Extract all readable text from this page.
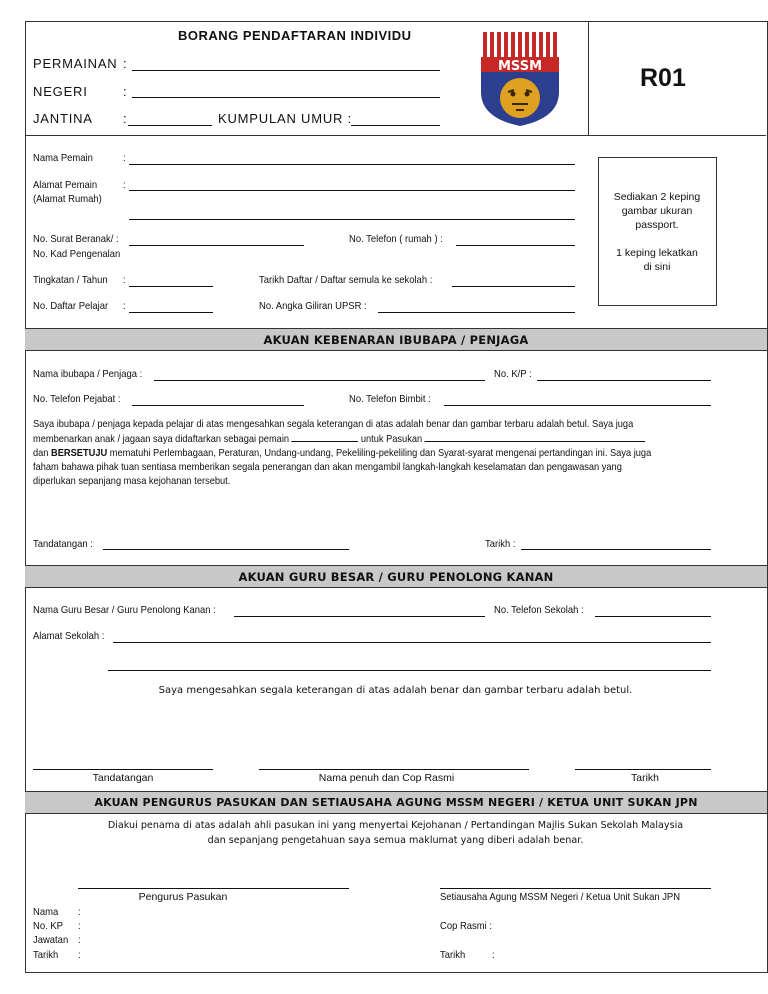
BORANG PENDAFTARAN INDIVIDU
PERMAINAN :
NEGERI	:
JANTINA :	KUMPULAN UMUR :
MSSM	R01
Nama Pemain	:
Alamat Pemain :
(Alamat Rumah)
No. Surat Beranak/ :
No. Kad Pengenalan
No. Telefon ( rumah ) :
Tingkatan / Tahun :	Tarikh Daftar / Daftar semula ke sekolah :
No. Daftar Pelajar :	No. Angka Giliran UPSR :
Sediakan 2 keping
gambar ukuran
passport.
1 keping lekatkan
di sini
AKUAN KEBENARAN IBUBAPA / PENJAGA
Nama ibubapa / Penjaga :	No. K/P :
No. Telefon Pejabat :	No. Telefon Bimbit :
Saya ibubapa / penjaga kepada pelajar di atas mengesahkan segala keterangan di atas adalah benar dan gambar terbaru adalah betul. Saya juga
membenarkan anak / jagaan saya didaftarkan sebagai pemain	untuk Pasukan
dan BERSETUJU mematuhi Perlembagaan, Peraturan, Undang-undang, Pekeliling-pekeliling dan Syarat-syarat mengenai pertandingan ini. Saya juga
faham bahawa pihak tuan sentiasa memberikan segala penerangan dan akan mengambil langkah-langkah keselamatan dan pengawasan yang
diperlukan sepanjang masa kejohanan tersebut.
Tandatangan :	Tarikh :
AKUAN GURU BESAR / GURU PENOLONG KANAN
Nama Guru Besar / Guru Penolong Kanan :	No. Telefon Sekolah :
Alamat Sekolah :
Saya mengesahkan segala keterangan di atas adalah benar dan gambar terbaru adalah betul.
Tandatangan	Nama penuh dan Cop Rasmi	Tarikh
AKUAN PENGURUS PASUKAN DAN SETIAUSAHA AGUNG MSSM NEGERI / KETUA UNIT SUKAN JPN
Diakui penama di atas adalah ahli pasukan ini yang menyertai Kejohanan / Pertandingan Majlis Sukan Sekolah Malaysia
dan sepanjang pengetahuan saya semua maklumat yang diberi adalah benar.
Pengurus Pasukan	Setiausaha Agung MSSM Negeri / Ketua Unit Sukan JPN
Nama :
No. KP :
Jawatan :
Tarikh :
Cop Rasmi :
Tarikh	:
